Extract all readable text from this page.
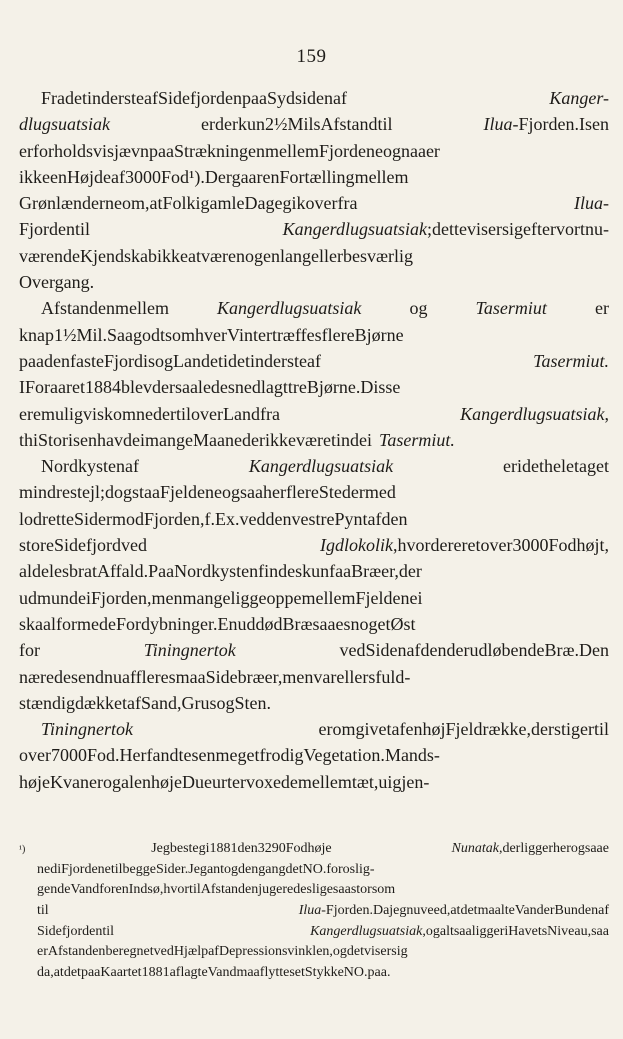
159
FradetindersteafSidefjordenpaaSydsidenaf	Kanger-
dlugsuatsiak	erderkun2½MilsAfstandtil	Ilua-Fjorden.Isen
erforholdsvisjævnpaaStrækningenmellemFjordeneognaaer
ikkeenHøjdeaf3000Fod¹).DergaarenFortællingmellem
Grønlænderneom,atFolkigamleDagegikoverfra	Ilua-
Fjordentil	Kangerdlugsuatsiak;dettevisersigeftervortnu-
værendeKjendskabikkeatværenogenlangellerbesværlig
Overgang.
Afstandenmellem	Kangerdlugsuatsiak	og	Tasermiut	er
knap1½Mil.SaagodtsomhverVintertræffesflereBjørne
paadenfasteFjordisogLandetidetindersteaf	Tasermiut.
IForaaret1884blevdersaaledesnedlagttreBjørne.Disse
eremuligviskomnedertiloverLandfra	Kangerdlugsuatsiak,
thiStorisenhavdeimangeMaanederikkeværetindei Tasermiut.
Nordkystenaf	Kangerdlugsuatsiak	eridetheletaget
mindrestejl;dogstaaFjeldeneogsaaherflereStedermed
lodretteSidermodFjorden,f.Ex.veddenvestrePyntafden
storeSidefjordved	Igdlokolik,hvordereretover3000Fodhøjt,
aldelesbratAffald.PaaNordkystenfindeskunfaaBræer,der
udmundeiFjorden,menmangeliggeoppemellemFjeldenei
skaalformedeFordybninger.EnuddødBræsaaesnogetØst
for	Tiningnertok	vedSidenafdenderudløbendeBræ.Den
næredesendnuaffleresmaaSidebræer,menvarellersfuld-
stændigdækketafSand,GrusogSten.
Tiningnertok	eromgivetafenhøjFjeldrække,derstigertil
over7000Fod.HerfandtesenmegetfrodigVegetation.Mands-
højeKvanerogalenhøjeDueurtervoxedemellemtæt,uigjen-
¹)	Jegbestegi1881den3290Fodhøje	Nunatak,derliggerherogsaae
nediFjordenetilbeggeSider.JegantogdengangdetNO.foroslig-
gendeVandforenIndsø,hvortilAfstandenjugeredesligesaastorsom
til	Ilua-Fjorden.Dajegnuveed,atdetmaalteVanderBundenaf
Sidefjordentil	Kangerdlugsuatsiak,ogaltsaaliggeriHavetsNiveau,saa
erAfstandenberegnetvedHjælpafDepressionsvinklen,ogdetvisersig
da,atdetpaaKaartet1881aflagteVandmaaflyttesetStykkeNO.paa.
